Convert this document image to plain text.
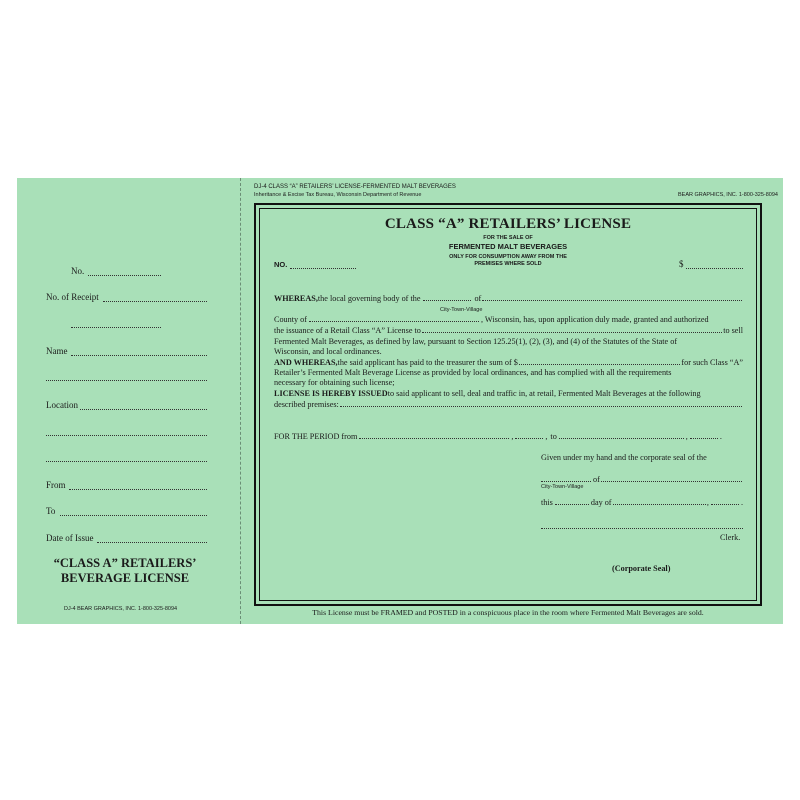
No.
No. of Receipt
Name
Location
From
To
Date of Issue
“CLASS A” RETAILERS’
BEVERAGE LICENSE
DJ-4 BEAR GRAPHICS, INC. 1-800-325-8094
DJ-4 CLASS “A” RETAILERS’ LICENSE-FERMENTED MALT BEVERAGES
Inheritance & Excise Tax Bureau, Wisconsin Department of Revenue	BEAR GRAPHICS, INC. 1-800-325-8094
CLASS “A” RETAILERS’ LICENSE
FOR THE SALE OF
FERMENTED MALT BEVERAGES
ONLY FOR CONSUMPTION AWAY FROM THE
PREMISES WHERE SOLD
NO.	$
WHEREAS, the local governing body of the	of
City-Town-Village
County of	, Wisconsin, has, upon application duly made, granted and authorized
the issuance of a Retail Class “A” License to	to sell
Fermented Malt Beverages, as defined by law, pursuant to Section 125.25(1), (2), (3), and (4) of the Statutes of the State of
Wisconsin, and local ordinances.
AND WHEREAS, the said applicant has paid to the treasurer the sum of $	for such Class “A”
Retailer’s Fermented Malt Beverage License as provided by local ordinances, and has complied with all the requirements
necessary for obtaining such license;
LICENSE IS HEREBY ISSUED to said applicant to sell, deal and traffic in, at retail, Fermented Malt Beverages at the following
described premises:
FOR THE PERIOD from	,	, to	,	.
Given under my hand and the corporate seal of the
of
City-Town-Village
this	day of	,	.
Clerk.
(Corporate Seal)
This License must be FRAMED and POSTED in a conspicuous place in the room where Fermented Malt Beverages are sold.
